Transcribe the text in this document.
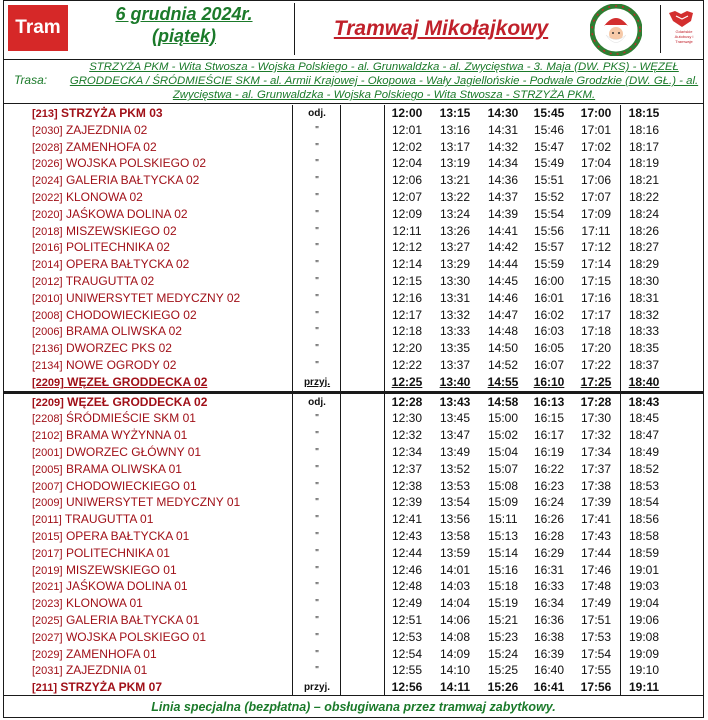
Tram
6 grudnia 2024r.
(piątek)	Tramwaj Mikołajkowy	Gdańskie Autobusy i Tramwaje
Trasa:
STRZYŻA PKM - Wita Stwosza - Wojska Polskiego - al. Grunwaldzka - al. Zwycięstwa - 3. Maja (DW. PKS) - WĘZEŁ GRODDECKA / ŚRÓDMIEŚCIE SKM - al. Armii Krajowej - Okopowa - Wały Jagiellońskie - Podwale Grodzkie (DW. GŁ.) - al. Zwycięstwa - al. Grunwaldzka - Wojska Polskiego - Wita Stwosza - STRZYŻA PKM.
[213] STRZYŻA PKM 03	odj.	12:00	13:15	14:30	15:45	17:00	18:15
[2030] ZAJEZDNIA 02	"	12:01	13:16	14:31	15:46	17:01	18:16
[2028] ZAMENHOFA 02	"	12:02	13:17	14:32	15:47	17:02	18:17
[2026] WOJSKA POLSKIEGO 02	"	12:04	13:19	14:34	15:49	17:04	18:19
[2024] GALERIA BAŁTYCKA 02	"	12:06	13:21	14:36	15:51	17:06	18:21
[2022] KLONOWA 02	"	12:07	13:22	14:37	15:52	17:07	18:22
[2020] JAŚKOWA DOLINA 02	"	12:09	13:24	14:39	15:54	17:09	18:24
[2018] MISZEWSKIEGO 02	"	12:11	13:26	14:41	15:56	17:11	18:26
[2016] POLITECHNIKA 02	"	12:12	13:27	14:42	15:57	17:12	18:27
[2014] OPERA BAŁTYCKA 02	"	12:14	13:29	14:44	15:59	17:14	18:29
[2012] TRAUGUTTA 02	"	12:15	13:30	14:45	16:00	17:15	18:30
[2010] UNIWERSYTET MEDYCZNY 02	"	12:16	13:31	14:46	16:01	17:16	18:31
[2008] CHODOWIECKIEGO 02	"	12:17	13:32	14:47	16:02	17:17	18:32
[2006] BRAMA OLIWSKA 02	"	12:18	13:33	14:48	16:03	17:18	18:33
[2136] DWORZEC PKS 02	"	12:20	13:35	14:50	16:05	17:20	18:35
[2134] NOWE OGRODY 02	"	12:22	13:37	14:52	16:07	17:22	18:37
[2209] WĘZEŁ GRODDECKA 02	przyj.	12:25	13:40	14:55	16:10	17:25	18:40
[2209] WĘZEŁ GRODDECKA 02	odj.	12:28	13:43	14:58	16:13	17:28	18:43
[2208] ŚRÓDMIEŚCIE SKM 01	"	12:30	13:45	15:00	16:15	17:30	18:45
[2102] BRAMA WYŻYNNA 01	"	12:32	13:47	15:02	16:17	17:32	18:47
[2001] DWORZEC GŁÓWNY 01	"	12:34	13:49	15:04	16:19	17:34	18:49
[2005] BRAMA OLIWSKA 01	"	12:37	13:52	15:07	16:22	17:37	18:52
[2007] CHODOWIECKIEGO 01	"	12:38	13:53	15:08	16:23	17:38	18:53
[2009] UNIWERSYTET MEDYCZNY 01	"	12:39	13:54	15:09	16:24	17:39	18:54
[2011] TRAUGUTTA 01	"	12:41	13:56	15:11	16:26	17:41	18:56
[2015] OPERA BAŁTYCKA 01	"	12:43	13:58	15:13	16:28	17:43	18:58
[2017] POLITECHNIKA 01	"	12:44	13:59	15:14	16:29	17:44	18:59
[2019] MISZEWSKIEGO 01	"	12:46	14:01	15:16	16:31	17:46	19:01
[2021] JAŚKOWA DOLINA 01	"	12:48	14:03	15:18	16:33	17:48	19:03
[2023] KLONOWA 01	"	12:49	14:04	15:19	16:34	17:49	19:04
[2025] GALERIA BAŁTYCKA 01	"	12:51	14:06	15:21	16:36	17:51	19:06
[2027] WOJSKA POLSKIEGO 01	"	12:53	14:08	15:23	16:38	17:53	19:08
[2029] ZAMENHOFA 01	"	12:54	14:09	15:24	16:39	17:54	19:09
[2031] ZAJEZDNIA 01	"	12:55	14:10	15:25	16:40	17:55	19:10
[211] STRZYŻA PKM 07	przyj.	12:56	14:11	15:26	16:41	17:56	19:11
Linia specjalna (bezpłatna) – obsługiwana przez tramwaj zabytkowy.
